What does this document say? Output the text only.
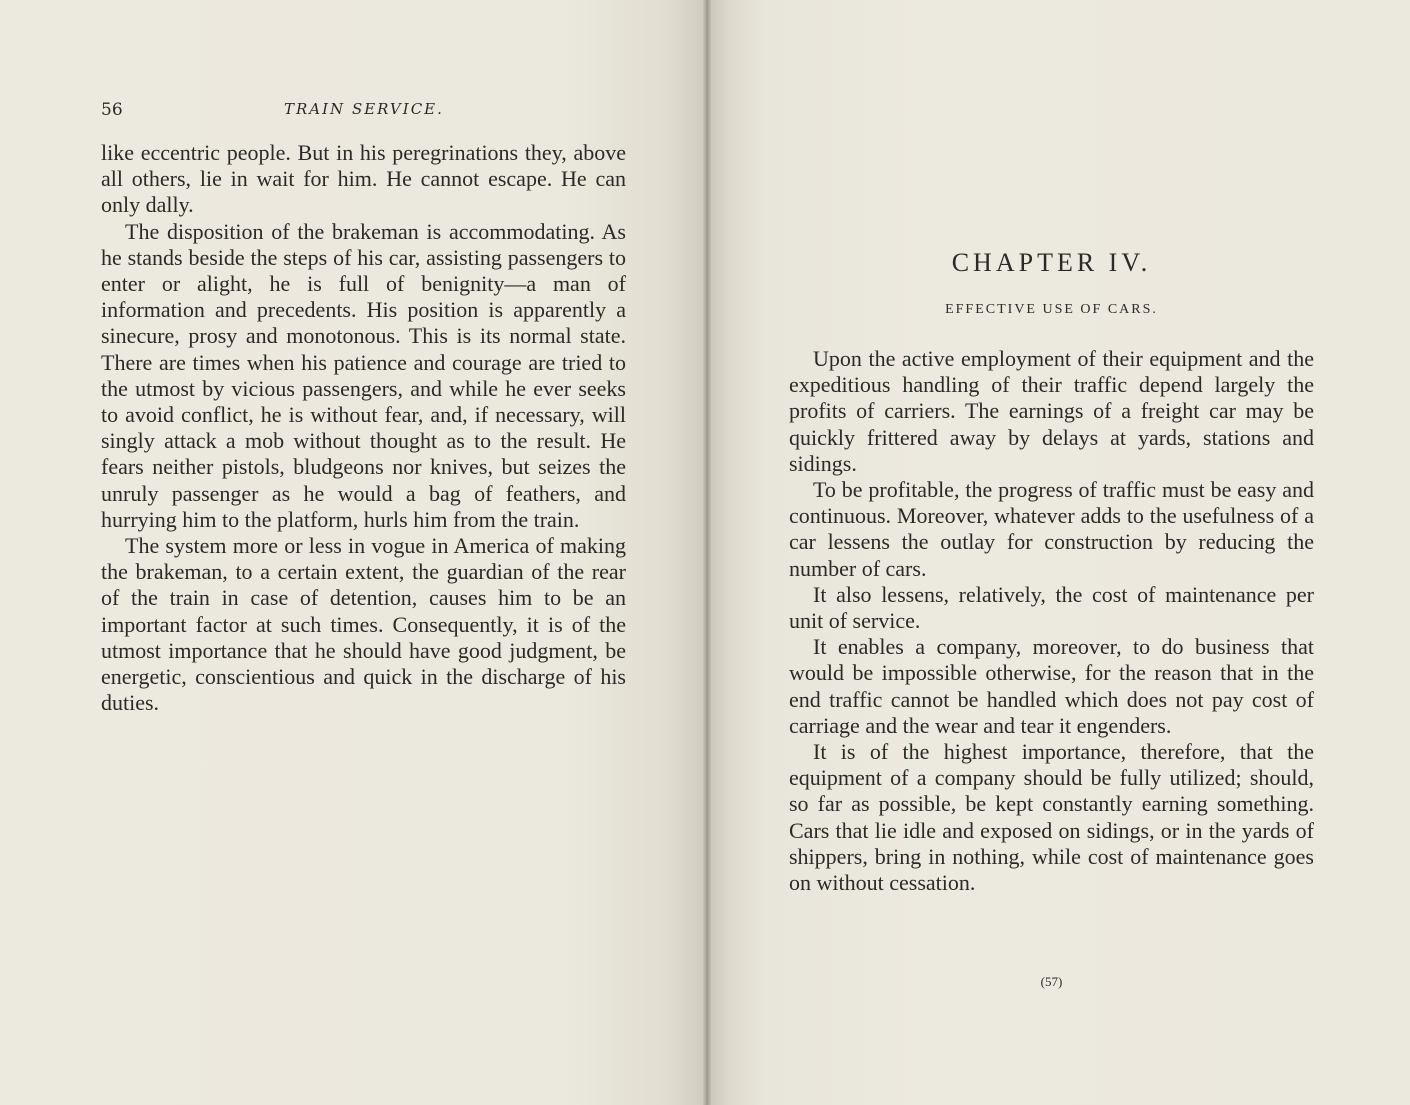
56	TRAIN SERVICE.

like eccentric people. But in his peregrinations they, above all others, lie in wait for him. He cannot escape. He can only dally.

The disposition of the brakeman is accommodating. As he stands beside the steps of his car, assisting passengers to enter or alight, he is full of benignity—a man of information and precedents. His position is apparently a sinecure, prosy and monotonous. This is its normal state. There are times when his patience and courage are tried to the utmost by vicious passengers, and while he ever seeks to avoid conflict, he is without fear, and, if necessary, will singly attack a mob without thought as to the result. He fears neither pistols, bludgeons nor knives, but seizes the unruly passenger as he would a bag of feathers, and hurrying him to the platform, hurls him from the train.

The system more or less in vogue in America of making the brakeman, to a certain extent, the guardian of the rear of the train in case of detention, causes him to be an important factor at such times. Consequently, it is of the utmost importance that he should have good judgment, be energetic, conscientious and quick in the discharge of his duties.

CHAPTER IV.
EFFECTIVE USE OF CARS.

Upon the active employment of their equipment and the expeditious handling of their traffic depend largely the profits of carriers. The earnings of a freight car may be quickly frittered away by delays at yards, stations and sidings.

To be profitable, the progress of traffic must be easy and continuous. Moreover, whatever adds to the usefulness of a car lessens the outlay for construction by reducing the number of cars.

It also lessens, relatively, the cost of maintenance per unit of service.

It enables a company, moreover, to do business that would be impossible otherwise, for the reason that in the end traffic cannot be handled which does not pay cost of carriage and the wear and tear it engenders.

It is of the highest importance, therefore, that the equipment of a company should be fully utilized; should, so far as possible, be kept constantly earning something. Cars that lie idle and exposed on sidings, or in the yards of shippers, bring in nothing, while cost of maintenance goes on without cessation.

(57)
